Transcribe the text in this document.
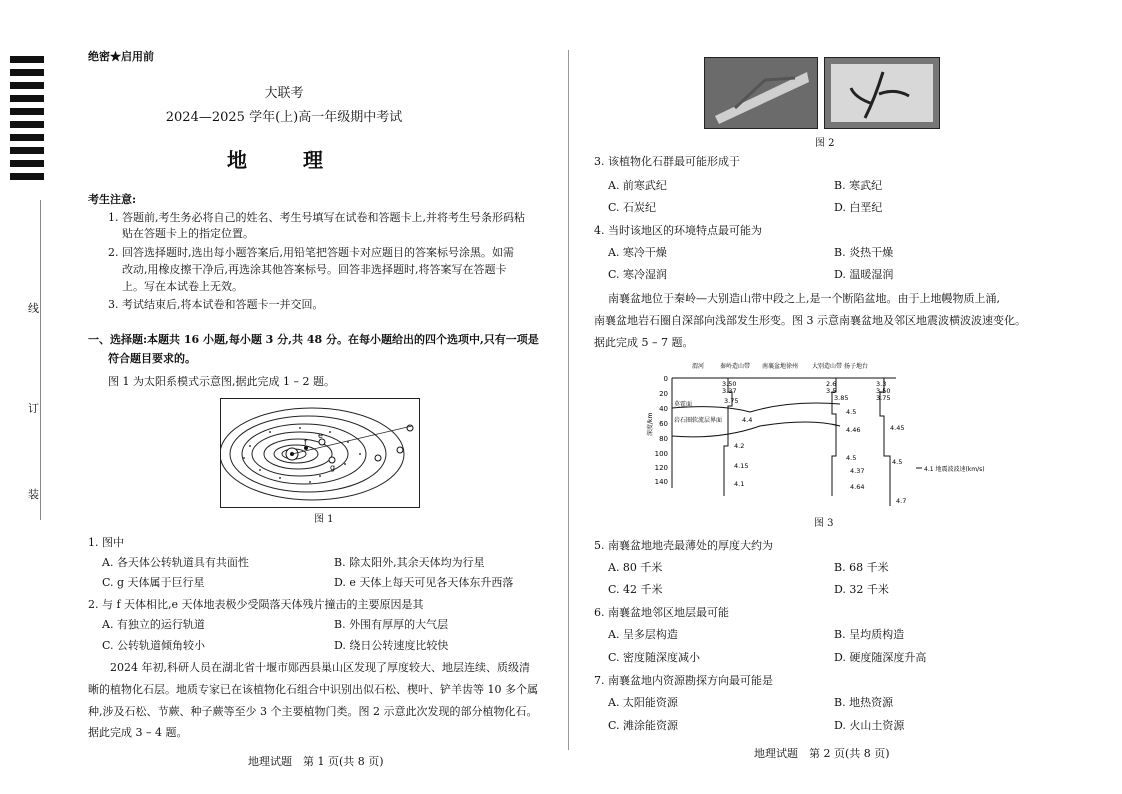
线
订
装
绝密★启用前
大联考
2024—2025 学年(上)高一年级期中考试
地　理
考生注意:
1. 答题前,考生务必将自己的姓名、考生号填写在试卷和答题卡上,并将考生号条形码粘
贴在答题卡上的指定位置。
2. 回答选择题时,选出每小题答案后,用铅笔把答题卡对应题目的答案标号涂黑。如需
改动,用橡皮擦干净后,再选涂其他答案标号。回答非选择题时,将答案写在答题卡
上。写在本试卷上无效。
3. 考试结束后,将本试卷和答题卡一并交回。
一、选择题:本题共 16 小题,每小题 3 分,共 48 分。在每小题给出的四个选项中,只有一项是
符合题目要求的。
图 1 为太阳系模式示意图,据此完成 1 – 2 题。
f
e
g
图 1
1. 图中
A. 各天体公转轨道具有共面性	B. 除太阳外,其余天体均为行星
C. g 天体属于巨行星	D. e 天体上每天可见各天体东升西落
2. 与 f 天体相比,e 天体地表极少受陨落天体残片撞击的主要原因是其
A. 有独立的运行轨道	B. 外围有厚厚的大气层
C. 公转轨道倾角较小	D. 绕日公转速度比较快
2024 年初,科研人员在湖北省十堰市郧西县巢山区发现了厚度较大、地层连续、质级清
晰的植物化石层。地质专家已在该植物化石组合中识别出似石松、楔叶、铲羊齿等 10 多个属
种,涉及石松、节蕨、种子蕨等至少 3 个主要植物门类。图 2 示意此次发现的部分植物化石。
据此完成 3 – 4 题。
地理试题　第 1 页(共 8 页)
图 2
3. 该植物化石群最可能形成于
A. 前寒武纪	B. 寒武纪
C. 石炭纪	D. 白垩纪
4. 当时该地区的环境特点最可能为
A. 寒冷干燥	B. 炎热干燥
C. 寒冷湿润	D. 温暖湿润
南襄盆地位于秦岭—大别造山带中段之上,是一个断陷盆地。由于上地幔物质上涌,
南襄盆地岩石圈自深部向浅部发生形变。图 3 示意南襄盆地及邻区地震波横波波速变化。
据此完成 5 – 7 题。
渭河	秦岭造山带 南襄盆地 徐州 大别造山带 扬子地台
0
20
40
60
80
100
120
140
深度/km
莫霍面
岩石圈软流层界面
3.50
3.37
3.75
4.4
4.2
4.15
4.1
2.6
3.5
3.85
4.5
4.46
4.5
4.37
4.64
3.3
3.50
3.75
4.45
4.5
4.7
4.1 地震波波速(km/s)
图 3
5. 南襄盆地地壳最薄处的厚度大约为
A. 80 千米	B. 68 千米
C. 42 千米	D. 32 千米
6. 南襄盆地邻区地层最可能
A. 呈多层构造	B. 呈均质构造
C. 密度随深度减小	D. 硬度随深度升高
7. 南襄盆地内资源勘探方向最可能是
A. 太阳能资源	B. 地热资源
C. 滩涂能资源	D. 火山土资源
地理试题　第 2 页(共 8 页)
